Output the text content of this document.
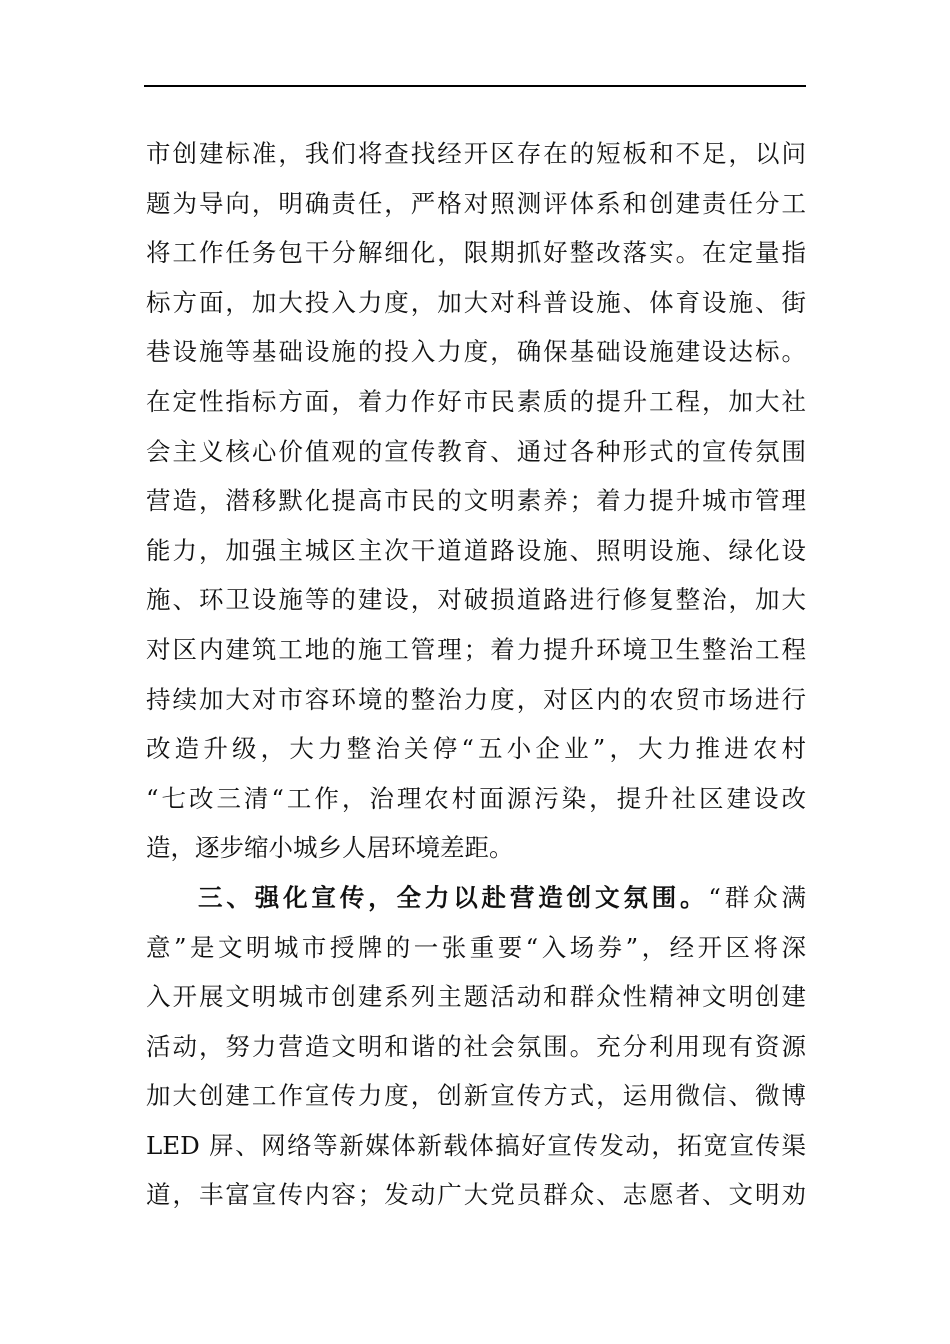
市创建标准，我们将查找经开区存在的短板和不足，以问
题为导向，明确责任，严格对照测评体系和创建责任分工
将工作任务包干分解细化，限期抓好整改落实。在定量指
标方面，加大投入力度，加大对科普设施、体育设施、街
巷设施等基础设施的投入力度，确保基础设施建设达标。
在定性指标方面，着力作好市民素质的提升工程，加大社
会主义核心价值观的宣传教育、通过各种形式的宣传氛围
营造，潜移默化提高市民的文明素养；着力提升城市管理
能力，加强主城区主次干道道路设施、照明设施、绿化设
施、环卫设施等的建设，对破损道路进行修复整治，加大
对区内建筑工地的施工管理；着力提升环境卫生整治工程
持续加大对市容环境的整治力度，对区内的农贸市场进行
改造升级，大力整治关停“五小企业”，大力推进农村
“七改三清“工作，治理农村面源污染，提升社区建设改
造，逐步缩小城乡人居环境差距。
三、强化宣传，全力以赴营造创文氛围。“群众满
意”是文明城市授牌的一张重要“入场券”，经开区将深
入开展文明城市创建系列主题活动和群众性精神文明创建
活动，努力营造文明和谐的社会氛围。充分利用现有资源
加大创建工作宣传力度，创新宣传方式，运用微信、微博
LED 屏、网络等新媒体新载体搞好宣传发动，拓宽宣传渠
道，丰富宣传内容；发动广大党员群众、志愿者、文明劝
